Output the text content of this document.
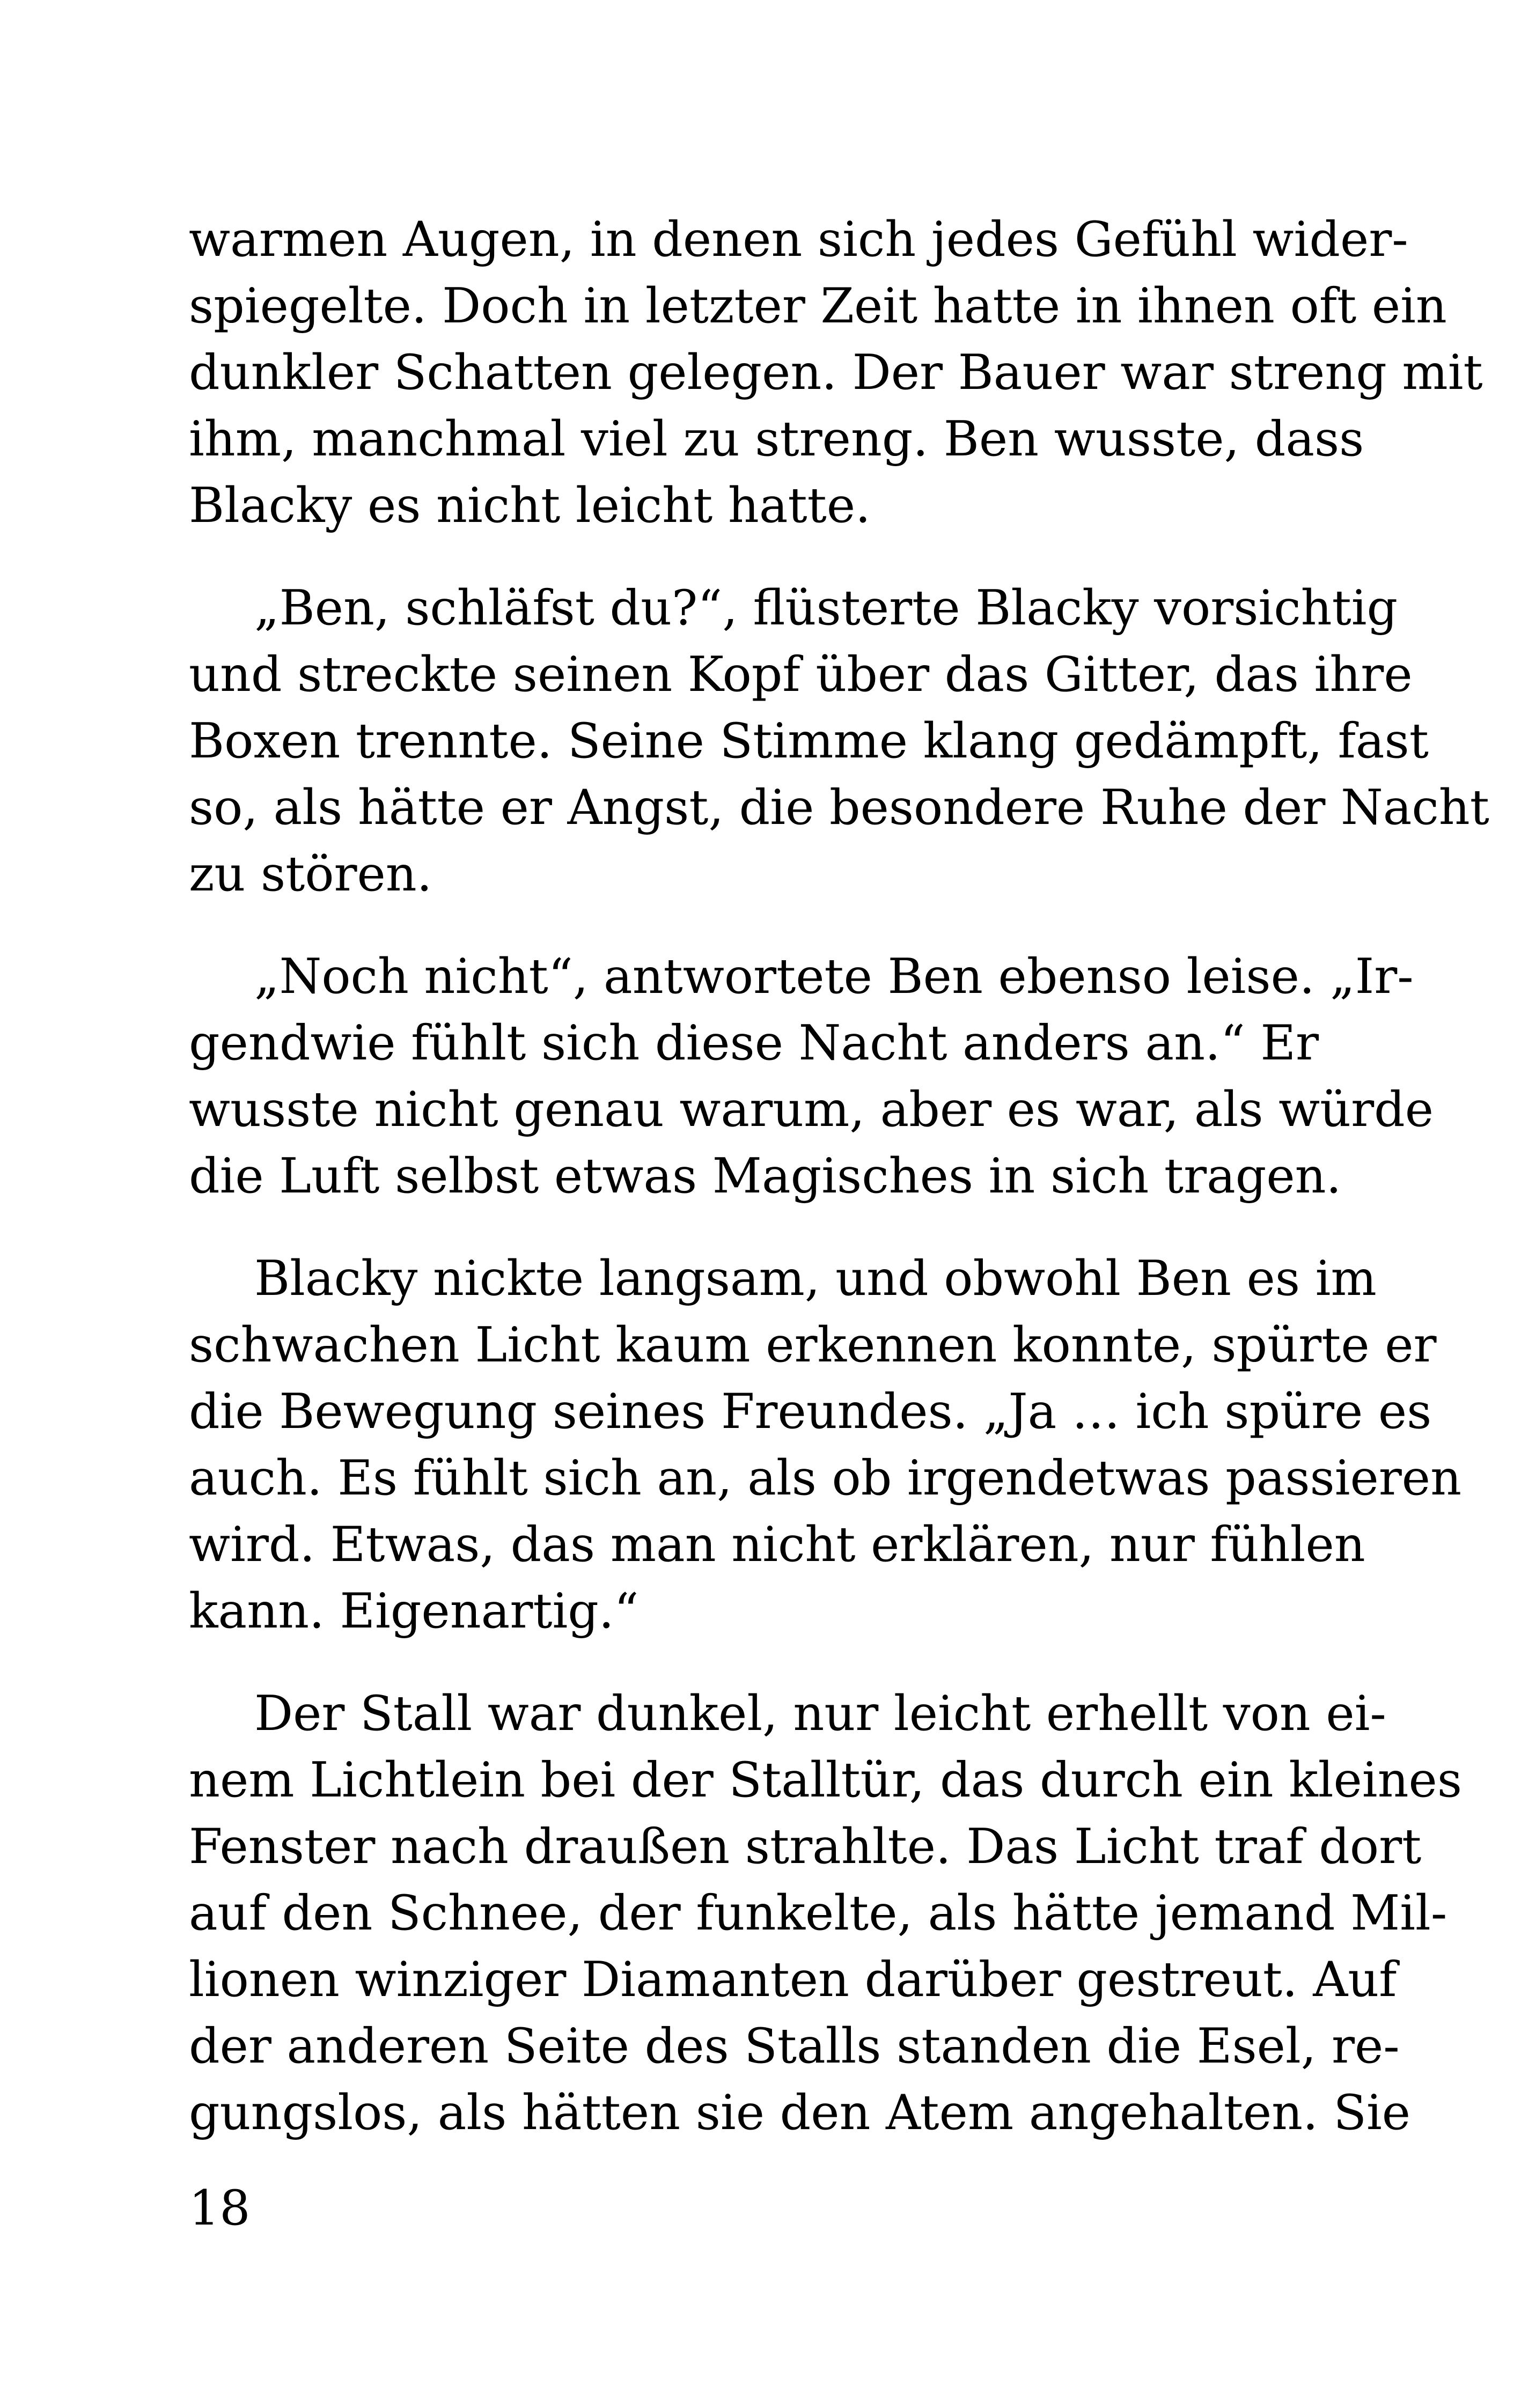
warmen Augen, in denen sich jedes Gefühl wider-
spiegelte. Doch in letzter Zeit hatte in ihnen oft ein
dunkler Schatten gelegen. Der Bauer war streng mit
ihm, manchmal viel zu streng. Ben wusste, dass
Blacky es nicht leicht hatte.
„Ben, schläfst du?“, flüsterte Blacky vorsichtig
und streckte seinen Kopf über das Gitter, das ihre
Boxen trennte. Seine Stimme klang gedämpft, fast
so, als hätte er Angst, die besondere Ruhe der Nacht
zu stören.
„Noch nicht“, antwortete Ben ebenso leise. „Ir-
gendwie fühlt sich diese Nacht anders an.“ Er
wusste nicht genau warum, aber es war, als würde
die Luft selbst etwas Magisches in sich tragen.
Blacky nickte langsam, und obwohl Ben es im
schwachen Licht kaum erkennen konnte, spürte er
die Bewegung seines Freundes. „Ja … ich spüre es
auch. Es fühlt sich an, als ob irgendetwas passieren
wird. Etwas, das man nicht erklären, nur fühlen
kann. Eigenartig.“
Der Stall war dunkel, nur leicht erhellt von ei-
nem Lichtlein bei der Stalltür, das durch ein kleines
Fenster nach draußen strahlte. Das Licht traf dort
auf den Schnee, der funkelte, als hätte jemand Mil-
lionen winziger Diamanten darüber gestreut. Auf
der anderen Seite des Stalls standen die Esel, re-
gungslos, als hätten sie den Atem angehalten. Sie
18
